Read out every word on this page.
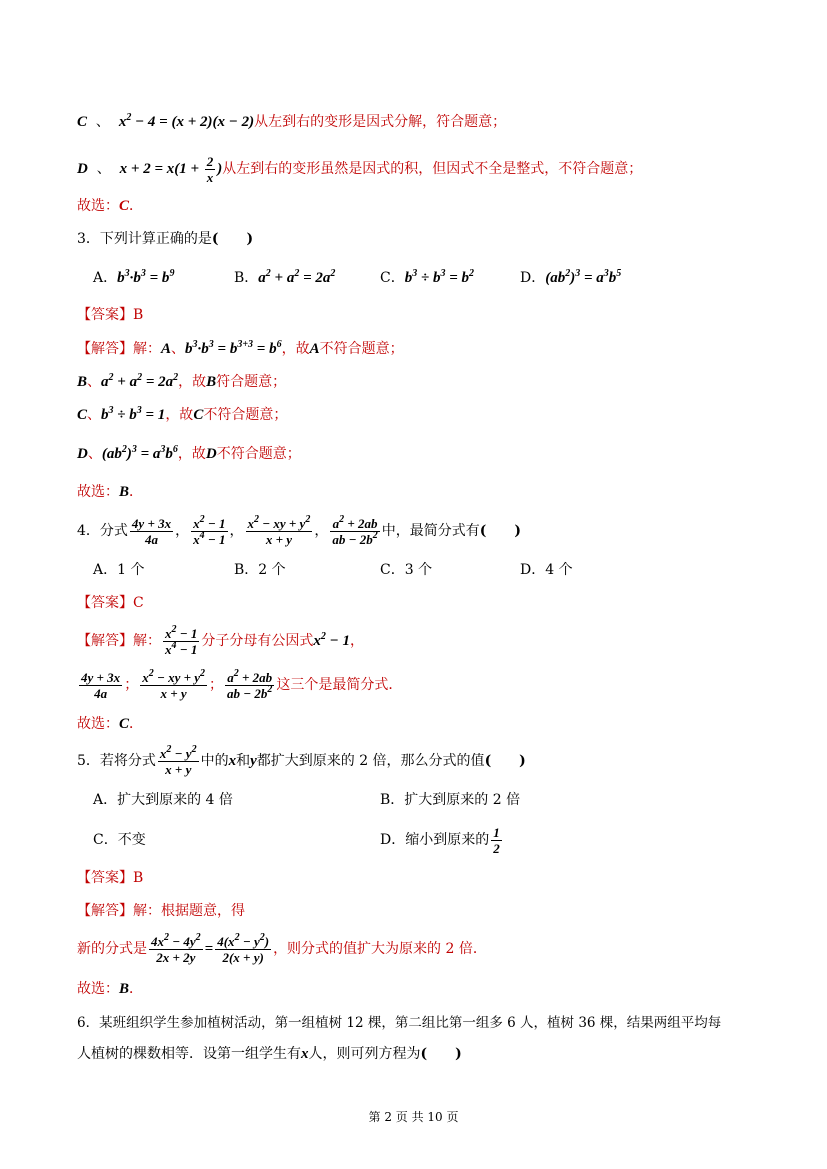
C  、  $x^2 - 4 = (x + 2)(x - 2)$从左到右的变形是因式分解，符合题意；
D  、  $x + 2 = x(1 + \frac{2}{x}$ )从左到右的变形虽然是因式的积，但因式不全是整式，不符合题意；
故选：C．
3．下列计算正确的是(　　)
A．$b^3\cdot b^3 = b^9$	B．$a^2 + a^2 = 2a^2$	C．$b^3 \div b^3 = b^2$	D．$(ab^2)^3 = a^3b^5$
【答案】B
【解答】解：A、$b^3\cdot b^3 = b^{3+3} = b^6$，故A不符合题意；
B、$a^2 + a^2 = 2a^2$，故B符合题意；
C、$b^3 \div b^3 = 1$，故C不符合题意；
D、$(ab^2)^3 = a^3b^6$，故D不符合题意；
故选：B．
4．分式 $\frac{4y + 3x}{4a}$ ， $\frac{x^2 - 1}{x^4 - 1}$ ， $\frac{x^2 - xy + y^2}{x + y}$ ， $\frac{a^2 + 2ab}{ab - 2b^2}$ 中，最简分式有(　　)
A．1 个	B．2 个	C．3 个	D．4 个
【答案】C
【解答】解： $\frac{x^2 - 1}{x^4 - 1}$ 分子分母有公因式$x^2 - 1$，
$\frac{4y + 3x}{4a}$ ； $\frac{x^2 - xy + y^2}{x + y}$ ； $\frac{a^2 + 2ab}{ab - 2b^2}$ 这三个是最简分式．
故选：C．
5．若将分式 $\frac{x^2 - y^2}{x + y}$ 中的x和y都扩大到原来的 2 倍，那么分式的值(　　)
A．扩大到原来的 4 倍	B．扩大到原来的 2 倍
C．不变	D．缩小到原来的 $\frac{1}{2}$
【答案】B
【解答】解：根据题意，得
新的分式是 $\frac{4x^2 - 4y^2}{2x + 2y} = \frac{4(x^2 - y^2)}{2(x + y)}$ ，则分式的值扩大为原来的 2 倍．
故选：B．
6．某班组织学生参加植树活动，第一组植树 12 棵，第二组比第一组多 6 人，植树 36 棵，结果两组平均每
人植树的棵数相等．设第一组学生有x人，则可列方程为(　　)
第 2 页 共 10 页
